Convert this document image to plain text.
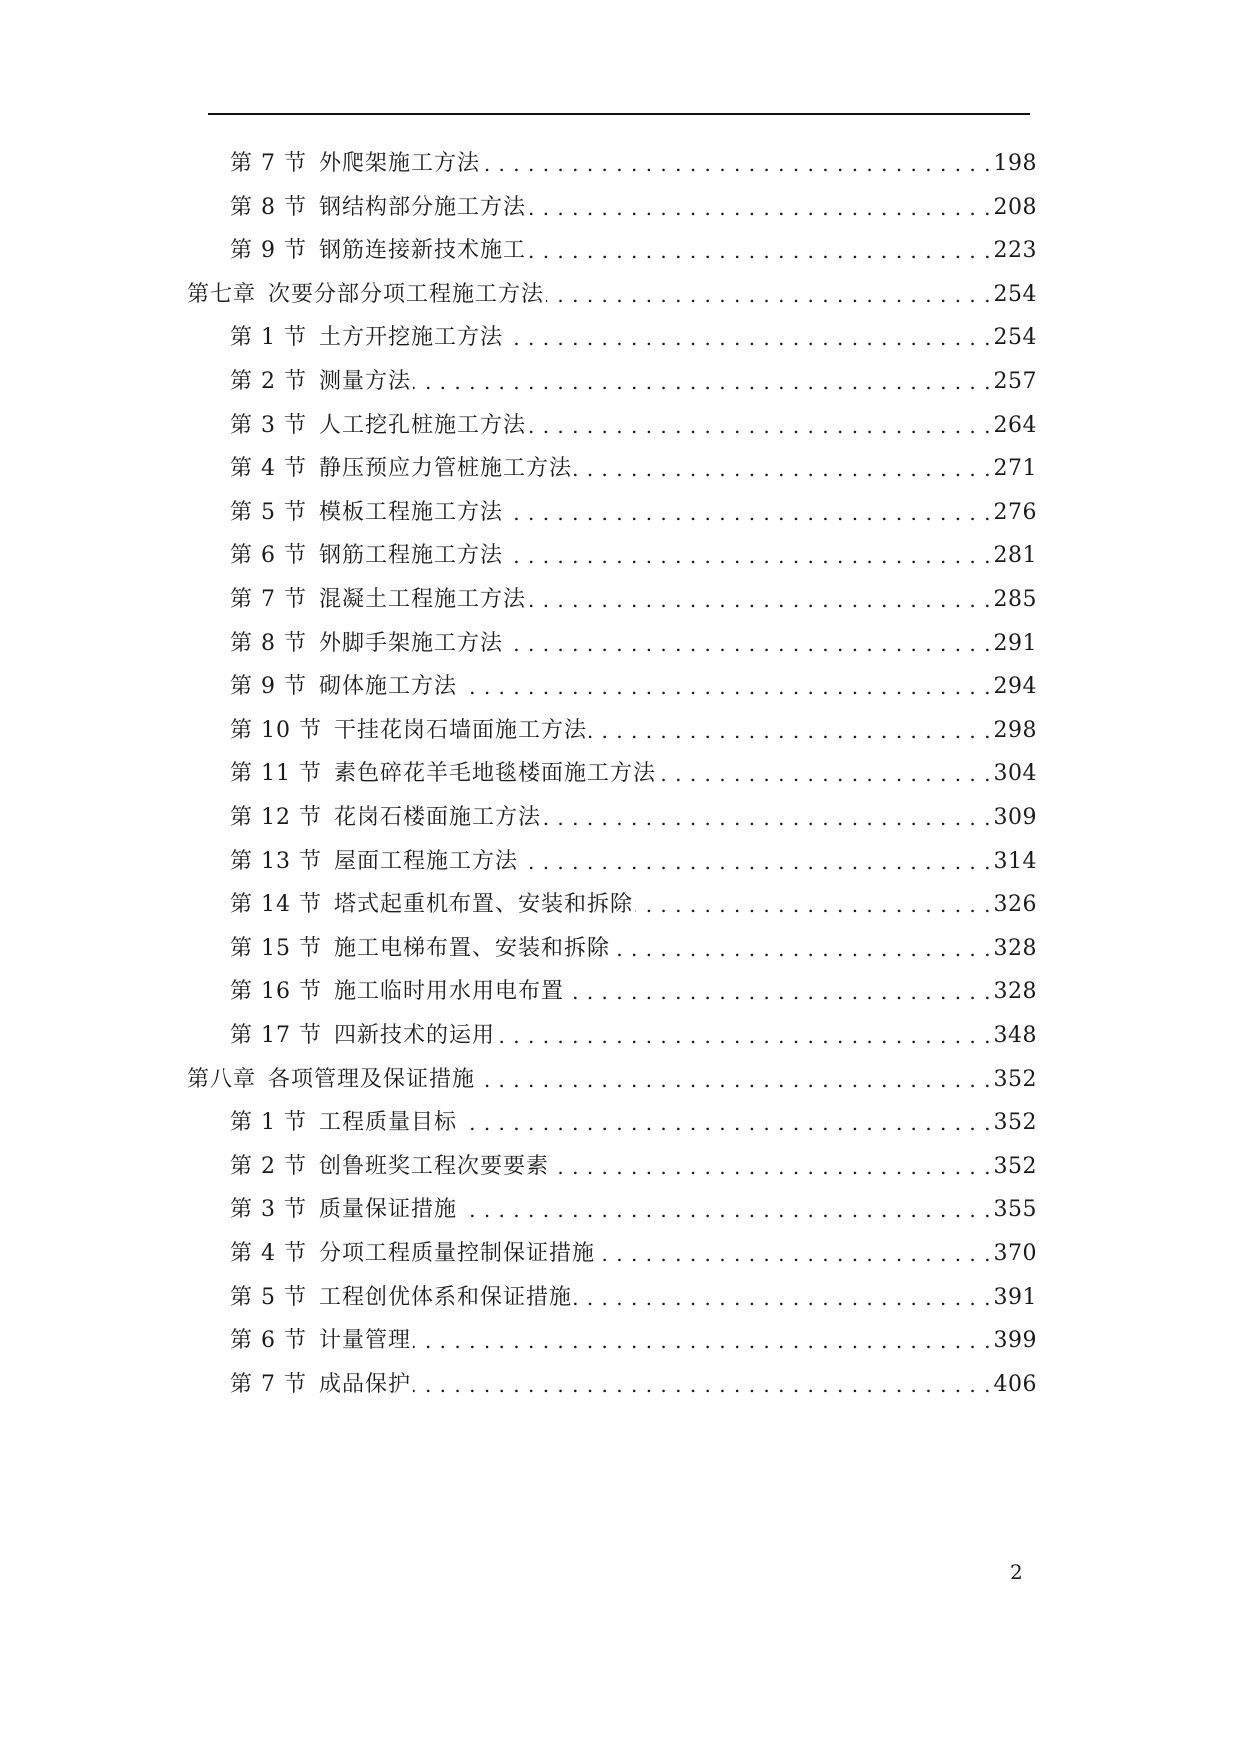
第 7 节 外爬架施工方法 . . .	198
第 8 节 钢结构部分施工方法 . . .	208
第 9 节 钢筋连接新技术施工 . . .	223
第七章 次要分部分项工程施工方法 . . .	254
第 1 节 土方开挖施工方法 . . .	254
第 2 节 测量方法 . . .	257
第 3 节 人工挖孔桩施工方法 . . .	264
第 4 节 静压预应力管桩施工方法 . . .	271
第 5 节 模板工程施工方法 . . .	276
第 6 节 钢筋工程施工方法 . . .	281
第 7 节 混凝土工程施工方法 . . .	285
第 8 节 外脚手架施工方法 . . .	291
第 9 节 砌体施工方法 . . .	294
第 10 节 干挂花岗石墙面施工方法 . . .	298
第 11 节 素色碎花羊毛地毯楼面施工方法 . . .	304
第 12 节 花岗石楼面施工方法 . . .	309
第 13 节 屋面工程施工方法 . . .	314
第 14 节 塔式起重机布置、安装和拆除 . . .	326
第 15 节 施工电梯布置、安装和拆除 . . .	328
第 16 节 施工临时用水用电布置 . . .	328
第 17 节 四新技术的运用 . . .	348
第八章 各项管理及保证措施 . . .	352
第 1 节 工程质量目标 . . .	352
第 2 节 创鲁班奖工程次要要素 . . .	352
第 3 节 质量保证措施 . . .	355
第 4 节 分项工程质量控制保证措施 . . .	370
第 5 节 工程创优体系和保证措施 . . .	391
第 6 节 计量管理 . . .	399
第 7 节 成品保护 . . .	406
2
